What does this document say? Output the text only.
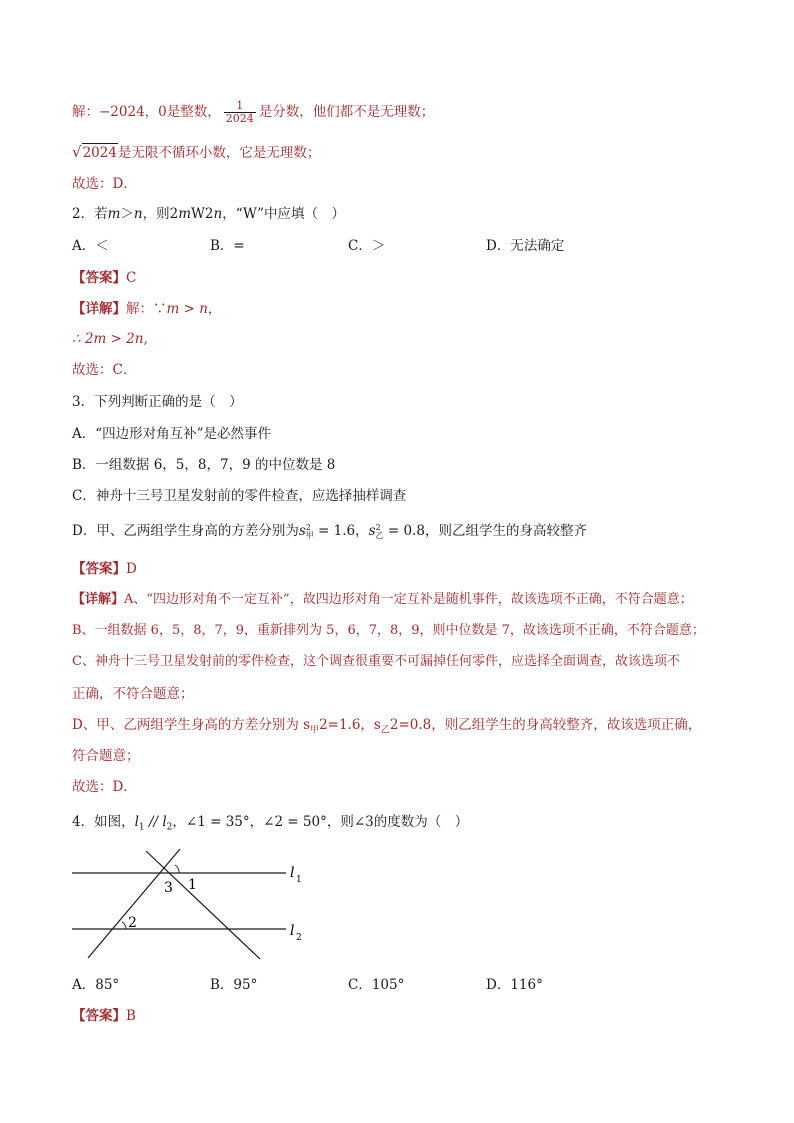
解：−2024，0是整数， $\frac{1}{2024}$ 是分数，他们都不是无理数；
√2024是无限不循环小数，它是无理数；
故选：D．
2．若m＞n，则2mW2n，“W”中应填（　）
A．＜	B．=	C．＞	D．无法确定
【答案】C
【详解】解：∵m > n，
∴ 2m > 2n,
故选：C．
3．下列判断正确的是（　）
A．“四边形对角互补”是必然事件
B．一组数据 6，5，8，7，9 的中位数是 8
C．神舟十三号卫星发射前的零件检查，应选择抽样调查
D．甲、乙两组学生身高的方差分别为s 2
甲 = 1.6，s 2
乙 = 0.8，则乙组学生的身高较整齐
【答案】D
【详解】A、“四边形对角不一定互补”，故四边形对角一定互补是随机事件，故该选项不正确，不符合题意；
B、一组数据 6，5，8，7，9，重新排列为 5，6，7，8，9，则中位数是 7，故该选项不正确，不符合题意；
C、神舟十三号卫星发射前的零件检查，这个调查很重要不可漏掉任何零件，应选择全面调查，故该选项不
正确，不符合题意；
D、甲、乙两组学生身高的方差分别为 $s_甲2=1.6$，$s_乙2=0.8$，则乙组学生的身高较整齐，故该选项正确，
符合题意；
故选：D．
4．如图，$l_1 // l_2$，∠1 = 35°，∠2 = 50°，则∠3的度数为（　）
3 1
2
l 1
l 2
A．85°	B．95°	C．105°	D．116°
【答案】B
